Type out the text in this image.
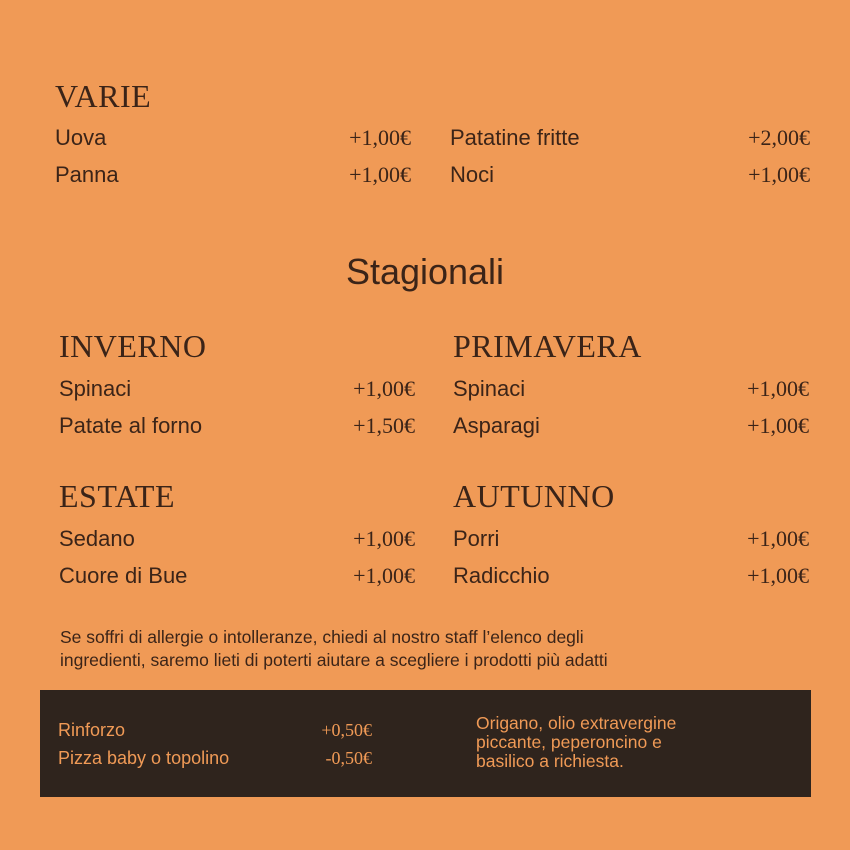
VARIE
Uova	+1,00€
Panna	+1,00€
Patatine fritte	+2,00€
Noci	+1,00€
Stagionali
INVERNO
Spinaci	+1,00€
Patate al forno	+1,50€
PRIMAVERA
Spinaci	+1,00€
Asparagi	+1,00€
ESTATE
Sedano	+1,00€
Cuore di Bue	+1,00€
AUTUNNO
Porri	+1,00€
Radicchio	+1,00€

Se soffri di allergie o intolleranze, chiedi al nostro staff l’elenco degli
ingredienti, saremo lieti di poterti aiutare a scegliere i prodotti più adatti

Rinforzo	+0,50€
Pizza baby o topolino	-0,50€

Origano, olio extravergine
piccante, peperoncino e
basilico a richiesta.
